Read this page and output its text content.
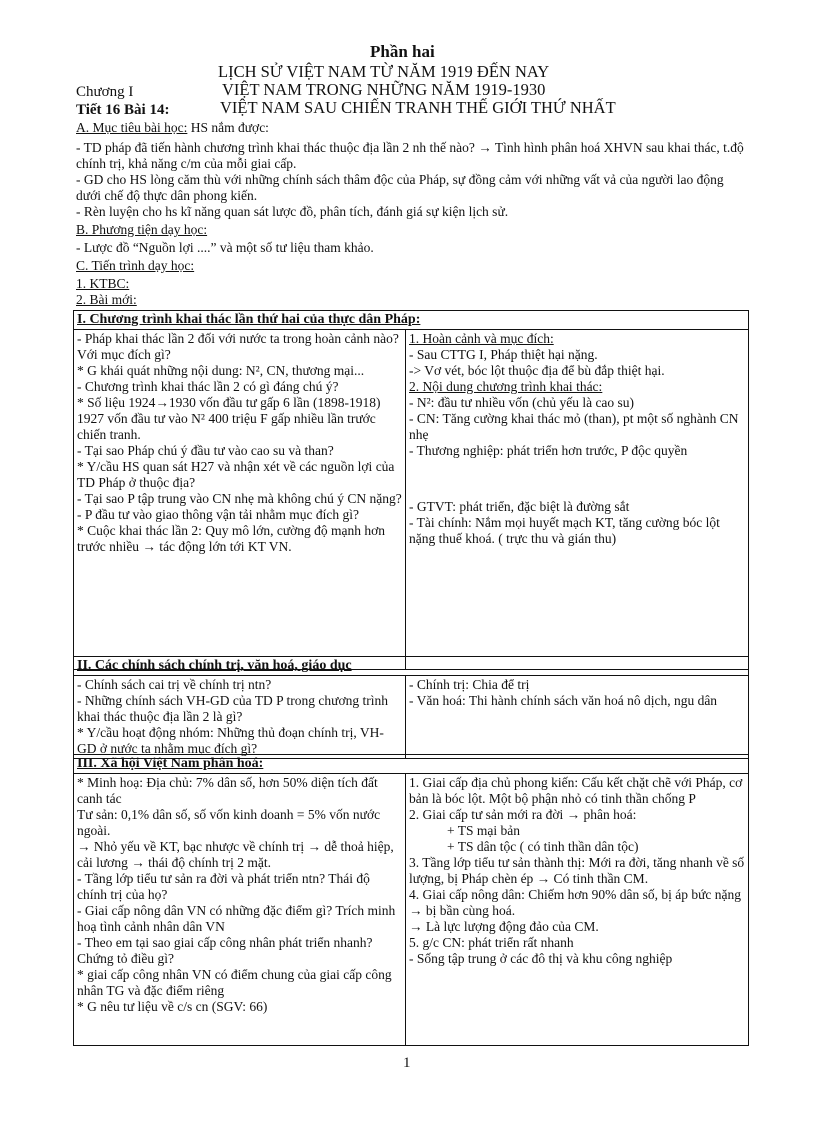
Phần hai
LỊCH SỬ VIỆT NAM TỪ NĂM 1919 ĐẾN NAY
Chương I	VIỆT NAM TRONG NHỮNG NĂM 1919-1930
Tiết 16 Bài 14:	VIỆT NAM SAU CHIẾN TRANH THẾ GIỚI THỨ NHẤT
A. Mục tiêu bài học: HS nắm được:
- TD pháp đã tiến hành chương trình khai thác thuộc địa lần 2 nh thế nào? → Tình hình phân hoá XHVN sau khai thác, t.độ chính trị, khả năng c/m của mỗi giai cấp.
- GD cho HS lòng căm thù với những chính sách thâm độc của Pháp, sự đồng cảm với những vất vả của người lao động dưới chế độ thực dân phong kiến.
- Rèn luyện cho hs kĩ năng quan sát lược đồ, phân tích, đánh giá sự kiện lịch sử.
B. Phương tiện dạy học:
- Lược đồ “Nguồn lợi ....” và một số tư liệu tham khảo.
C. Tiến trình dạy học:
1. KTBC:
2. Bài mới:
I. Chương trình khai thác lần thứ hai của thực dân Pháp:

- Pháp khai thác lần 2 đối với nước ta trong hoàn cảnh nào? Với mục đích gì?
* G khái quát những nội dung: N², CN, thương mại...
- Chương trình khai thác lần 2 có gì đáng chú ý?
* Số liệu 1924→1930 vốn đầu tư gấp 6 lần (1898-1918) 1927 vốn đầu tư vào N² 400 triệu F gấp nhiều lần trước chiến tranh.
- Tại sao Pháp chú ý đầu tư vào cao su và than?
* Y/cầu HS quan sát H27 và nhận xét về các nguồn lợi của TD Pháp ở thuộc địa?
- Tại sao P tập trung vào CN nhẹ mà không chú ý CN nặng?
- P đầu tư vào giao thông vận tải nhằm mục đích gì?
* Cuộc khai thác lần 2: Quy mô lớn, cường độ mạnh hơn trước nhiều → tác động lớn tới KT VN.

1. Hoàn cảnh và mục đích:
- Sau CTTG I, Pháp thiệt hại nặng.
-> Vơ vét, bóc lột thuộc địa để bù đắp thiệt hại.
2. Nội dung chương trình khai thác:
- N²: đầu tư nhiều vốn (chủ yếu là cao su)
- CN: Tăng cường khai thác mỏ (than), pt một số nghành CN nhẹ
- Thương nghiệp: phát triển hơn trước, P độc quyền
- GTVT: phát triển, đặc biệt là đường sắt
- Tài chính: Nắm mọi huyết mạch KT, tăng cường bóc lột nặng thuế khoá. ( trực thu và gián thu)
II. Các chính sách chính trị, văn hoá, giáo dục

- Chính sách cai trị về chính trị ntn?
- Những chính sách VH-GD của TD P trong chương trình khai thác thuộc địa lần 2 là gì?
* Y/cầu hoạt động nhóm: Những thủ đoạn chính trị, VH-GD ở nước ta nhằm mục đích gì?

- Chính trị: Chia để trị
- Văn hoá: Thi hành chính sách văn hoá nô dịch, ngu dân
III. Xã hội Việt Nam phân hoá:

* Minh hoạ: Địa chủ: 7% dân số, hơn 50% diện tích đất canh tác
Tư sản: 0,1% dân số, số vốn kinh doanh = 5% vốn nước ngoài.
→ Nhỏ yếu về KT, bạc nhược về chính trị → dễ thoả hiệp, cải lương → thái độ chính trị 2 mặt.
- Tầng lớp tiểu tư sản ra đời và phát triển ntn? Thái độ chính trị của họ?
- Giai cấp nông dân VN có những đặc điểm gì? Trích minh hoạ tình cảnh nhân dân VN
- Theo em tại sao giai cấp công nhân phát triển nhanh? Chứng tỏ điều gì?
* giai cấp công nhân VN có điểm chung của giai cấp công nhân TG và đặc điểm riêng
* G nêu tư liệu về c/s cn (SGV: 66)

1. Giai cấp địa chủ phong kiến: Cấu kết chặt chẽ với Pháp, cơ bản là bóc lột. Một bộ phận nhỏ có tinh thần chống P
2. Giai cấp tư sản mới ra đời → phân hoá:
+ TS mại bản
+ TS dân tộc ( có tinh thần dân tộc)
3. Tầng lớp tiểu tư sản thành thị: Mới ra đời, tăng nhanh về số lượng, bị Pháp chèn ép → Có tinh thần CM.
4. Giai cấp nông dân: Chiếm hơn 90% dân số, bị áp bức nặng → bị bần cùng hoá.
→ Là lực lượng động đảo của CM.
5. g/c CN: phát triển rất nhanh
- Sống tập trung ở các đô thị và khu công nghiệp
1
